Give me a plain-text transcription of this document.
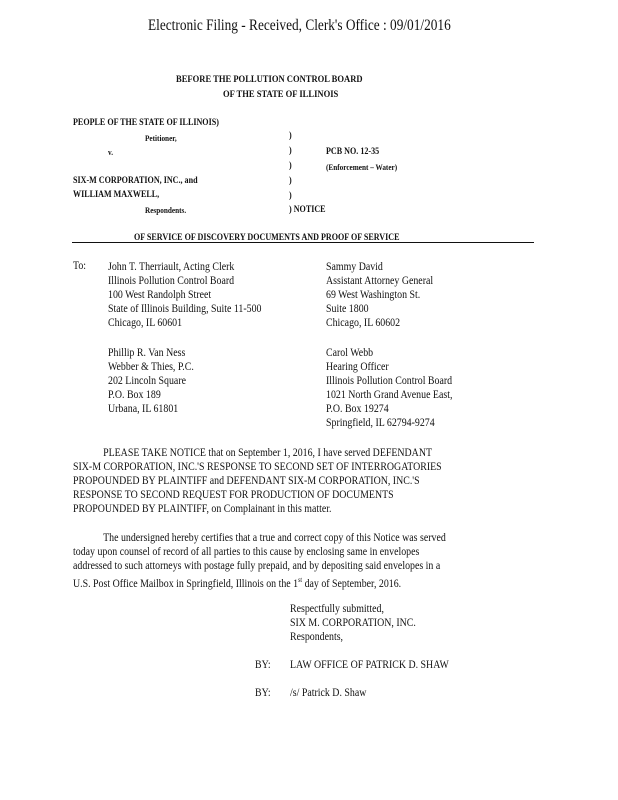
Electronic Filing - Received, Clerk's Office : 09/01/2016
BEFORE THE POLLUTION CONTROL BOARD
OF THE STATE OF ILLINOIS
PEOPLE OF THE STATE OF ILLINOIS)
Petitioner,
v.
SIX-M CORPORATION, INC., and
WILLIAM MAXWELL,
Respondents.
)
)
)
)
)
) NOTICE
PCB NO. 12-35
(Enforcement – Water)
OF SERVICE OF DISCOVERY DOCUMENTS AND PROOF OF SERVICE
To: John T. Therriault, Acting Clerk
Illinois Pollution Control Board
100 West Randolph Street
State of Illinois Building, Suite 11-500
Chicago, IL 60601
Sammy David
Assistant Attorney General
69 West Washington St.
Suite 1800
Chicago, IL 60602
Phillip R. Van Ness
Webber & Thies, P.C.
202 Lincoln Square
P.O. Box 189
Urbana, IL 61801
Carol Webb
Hearing Officer
Illinois Pollution Control Board
1021 North Grand Avenue East,
P.O. Box 19274
Springfield, IL 62794-9274
PLEASE TAKE NOTICE that on September 1, 2016, I have served DEFENDANT
SIX-M CORPORATION, INC.'S RESPONSE TO SECOND SET OF INTERROGATORIES
PROPOUNDED BY PLAINTIFF and DEFENDANT SIX-M CORPORATION, INC.'S
RESPONSE TO SECOND REQUEST FOR PRODUCTION OF DOCUMENTS
PROPOUNDED BY PLAINTIFF, on Complainant in this matter.
The undersigned hereby certifies that a true and correct copy of this Notice was served
today upon counsel of record of all parties to this cause by enclosing same in envelopes
addressed to such attorneys with postage fully prepaid, and by depositing said envelopes in a
U.S. Post Office Mailbox in Springfield, Illinois on the 1st day of September, 2016.
Respectfully submitted,
SIX M. CORPORATION, INC.
Respondents,
BY: LAW OFFICE OF PATRICK D. SHAW
BY: /s/ Patrick D. Shaw
